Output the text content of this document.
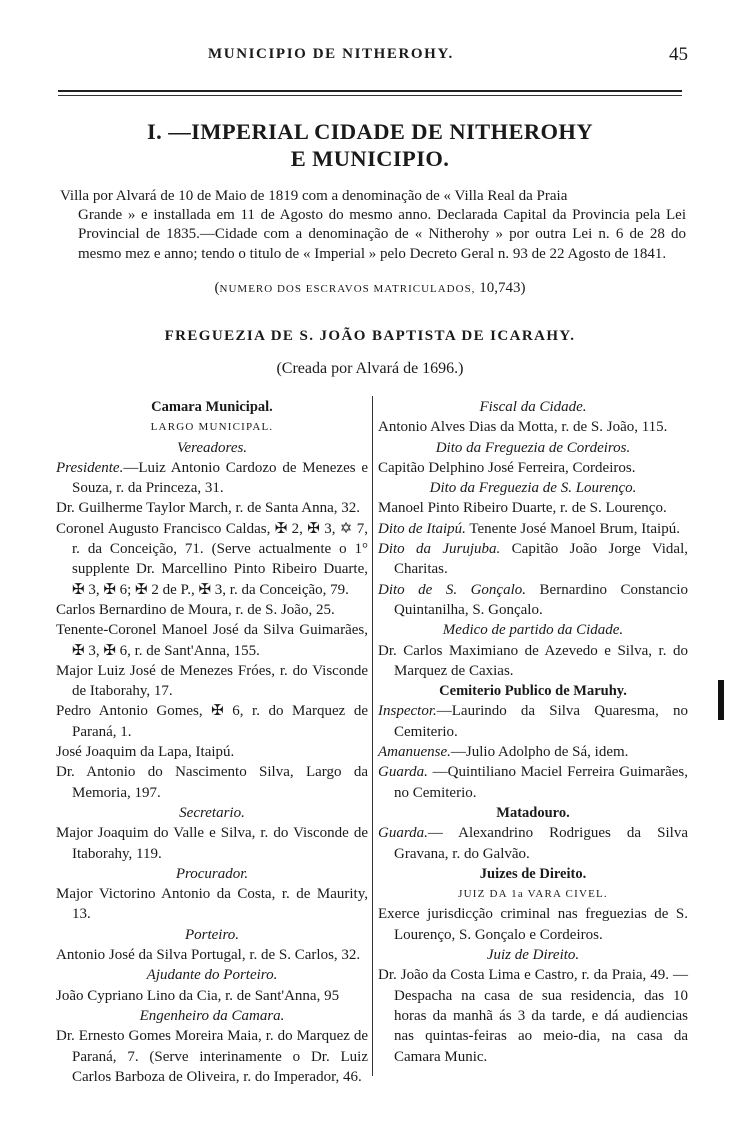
MUNICIPIO DE NITHEROHY.	45
I. —IMPERIAL CIDADE DE NITHEROHY
E MUNICIPIO.
Villa por Alvará de 10 de Maio de 1819 com a denominação de « Villa Real da Praia
Grande » e installada em 11 de Agosto do mesmo anno. Declarada Capital da Provincia pela Lei Provincial de 1835.—Cidade com a denominação de « Nitherohy » por outra Lei n. 6 de 28 do mesmo mez e anno; tendo o titulo de « Imperial » pelo Decreto Geral n. 93 de 22 Agosto de 1841.
(NUMERO DOS ESCRAVOS MATRICULADOS, 10,743)
FREGUEZIA DE S. JOÃO BAPTISTA DE ICARAHY.
(Creada por Alvará de 1696.)
Camara Municipal.
LARGO MUNICIPAL.
Vereadores.
Presidente.—Luiz Antonio Cardozo de Menezes e Souza, r. da Princeza, 31.
Dr. Guilherme Taylor March, r. de Santa Anna, 32.
Coronel Augusto Francisco Caldas, ✠ 2, ✠ 3, ✡ 7, r. da Conceição, 71. (Serve actualmente o 1° supplente Dr. Marcellino Pinto Ribeiro Duarte, ✠ 3, ✠ 6; ✠ 2 de P., ✠ 3, r. da Conceição, 79.
Carlos Bernardino de Moura, r. de S. João, 25.
Tenente-Coronel Manoel José da Silva Guimarães, ✠ 3, ✠ 6, r. de Sant'Anna, 155.
Major Luiz José de Menezes Fróes, r. do Visconde de Itaborahy, 17.
Pedro Antonio Gomes, ✠ 6, r. do Marquez de Paraná, 1.
José Joaquim da Lapa, Itaipú.
Dr. Antonio do Nascimento Silva, Largo da Memoria, 197.
Secretario.
Major Joaquim do Valle e Silva, r. do Visconde de Itaborahy, 119.
Procurador.
Major Victorino Antonio da Costa, r. de Maurity, 13.
Porteiro.
Antonio José da Silva Portugal, r. de S. Carlos, 32.
Ajudante do Porteiro.
João Cypriano Lino da Cia, r. de Sant'Anna, 95
Engenheiro da Camara.
Dr. Ernesto Gomes Moreira Maia, r. do Marquez de Paraná, 7. (Serve interinamente o Dr. Luiz Carlos Barboza de Oliveira, r. do Imperador, 46.
Fiscal da Cidade.
Antonio Alves Dias da Motta, r. de S. João, 115.
Dito da Freguezia de Cordeiros.
Capitão Delphino José Ferreira, Cordeiros.
Dito da Freguezia de S. Lourenço.
Manoel Pinto Ribeiro Duarte, r. de S. Lourenço.
Dito de Itaipú. Tenente José Manoel Brum, Itaipú.
Dito da Jurujuba. Capitão João Jorge Vidal, Charitas.
Dito de S. Gonçalo. Bernardino Constancio Quintanilha, S. Gonçalo.
Medico de partido da Cidade.
Dr. Carlos Maximiano de Azevedo e Silva, r. do Marquez de Caxias.
Cemiterio Publico de Maruhy.
Inspector.—Laurindo da Silva Quaresma, no Cemiterio.
Amanuense.—Julio Adolpho de Sá, idem.
Guarda. —Quintiliano Maciel Ferreira Guimarães, no Cemiterio.
Matadouro.
Guarda.— Alexandrino Rodrigues da Silva Gravana, r. do Galvão.
Juizes de Direito.
JUIZ DA 1a VARA CIVEL.
Exerce jurisdicção criminal nas freguezias de S. Lourenço, S. Gonçalo e Cordeiros.
Juiz de Direito.
Dr. João da Costa Lima e Castro, r. da Praia, 49. — Despacha na casa de sua residencia, das 10 horas da manhã ás 3 da tarde, e dá audiencias nas quintas-feiras ao meio-dia, na casa da Camara Munic.
